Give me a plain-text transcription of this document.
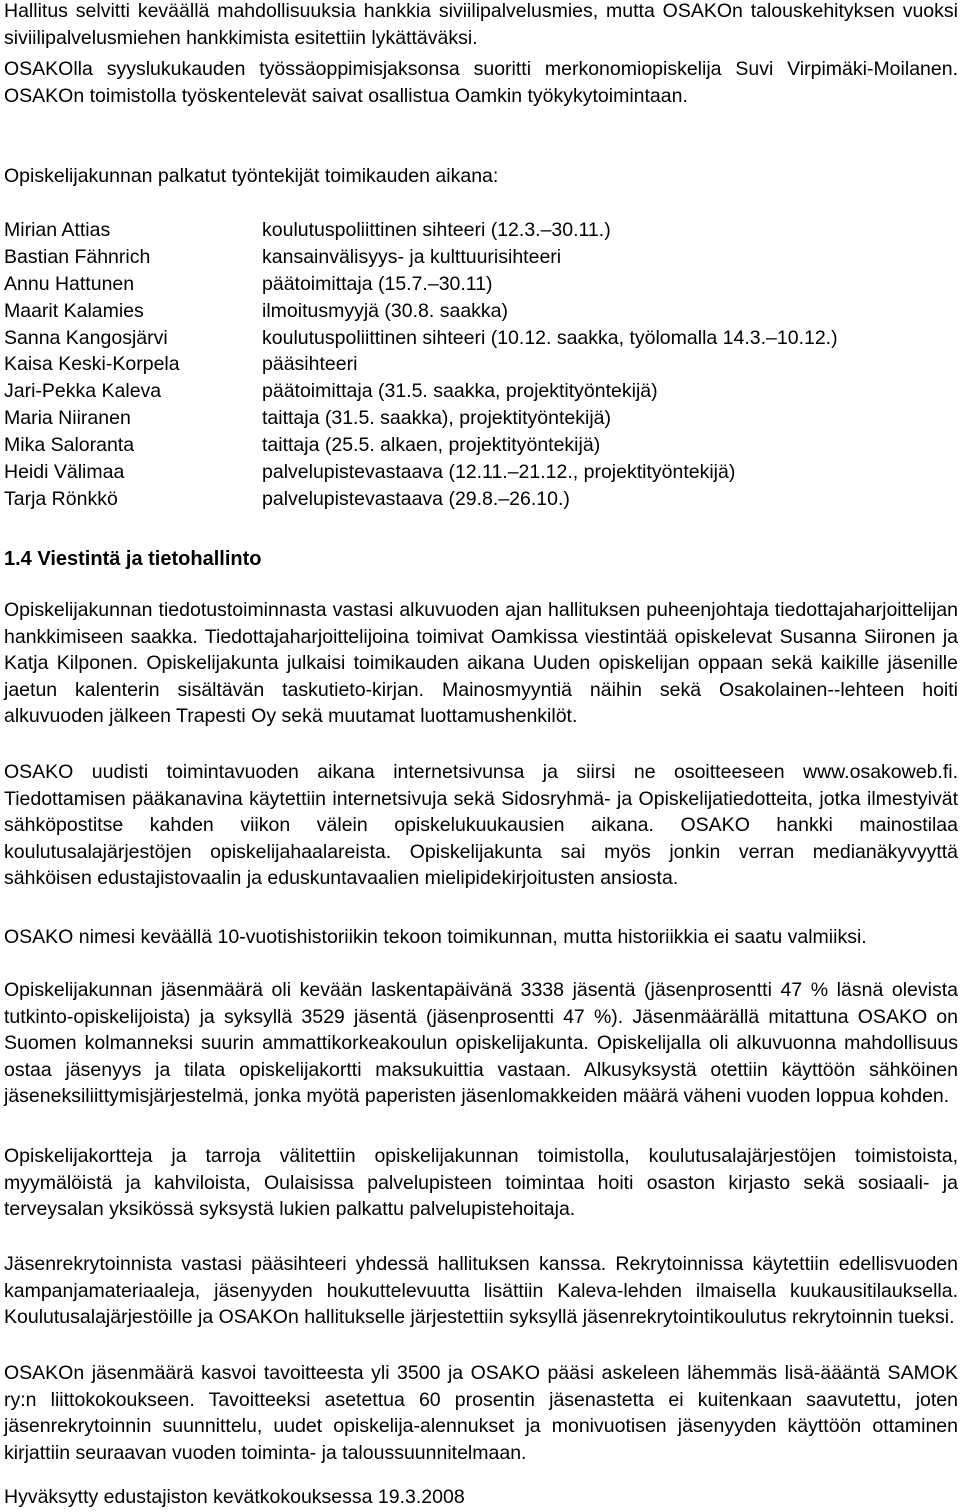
Hallitus selvitti keväällä mahdollisuuksia hankkia siviilipalvelusmies, mutta OSAKOn talouskehityksen vuoksi siviilipalvelusmiehen hankkimista esitettiin lykättäväksi.

OSAKOlla syyslukukauden työssäoppimisjaksonsa suoritti merkonomiopiskelija Suvi Virpimäki-Moilanen. OSAKOn toimistolla työskentelevät saivat osallistua Oamkin työkykytoimintaan.

Opiskelijakunnan palkatut työntekijät toimikauden aikana:

Mirian Attias	koulutuspoliittinen sihteeri (12.3.–30.11.)
Bastian Fähnrich	kansainvälisyys- ja kulttuurisihteeri
Annu Hattunen	päätoimittaja (15.7.–30.11)
Maarit Kalamies	ilmoitusmyyjä (30.8. saakka)
Sanna Kangosjärvi	koulutuspoliittinen sihteeri (10.12. saakka, työlomalla 14.3.–10.12.)
Kaisa Keski-Korpela	pääsihteeri
Jari-Pekka Kaleva	päätoimittaja (31.5. saakka, projektityöntekijä)
Maria Niiranen	taittaja (31.5. saakka), projektityöntekijä)
Mika Saloranta	taittaja (25.5. alkaen, projektityöntekijä)
Heidi Välimaa	palvelupistevastaava (12.11.–21.12., projektityöntekijä)
Tarja Rönkkö	palvelupistevastaava (29.8.–26.10.)
1.4 Viestintä ja tietohallinto

Opiskelijakunnan tiedotustoiminnasta vastasi alkuvuoden ajan hallituksen puheenjohtaja tiedottajaharjoittelijan hankkimiseen saakka. Tiedottajaharjoittelijoina toimivat Oamkissa viestintää opiskelevat Susanna Siironen ja Katja Kilponen. Opiskelijakunta julkaisi toimikauden aikana Uuden opiskelijan oppaan sekä kaikille jäsenille jaetun kalenterin sisältävän taskutieto-kirjan. Mainosmyyntiä näihin sekä Osakolainen--lehteen hoiti alkuvuoden jälkeen Trapesti Oy sekä muutamat luottamushenkilöt.

OSAKO uudisti toimintavuoden aikana internetsivunsa ja siirsi ne osoitteeseen www.osakoweb.fi. Tiedottamisen pääkanavina käytettiin internetsivuja sekä Sidosryhmä- ja Opiskelijatiedotteita, jotka ilmestyivät sähköpostitse kahden viikon välein opiskelukuukausien aikana. OSAKO hankki mainostilaa koulutusalajärjestöjen opiskelijahaalareista. Opiskelijakunta sai myös jonkin verran medianäkyvyyttä sähköisen edustajistovaalin ja eduskuntavaalien mielipidekirjoitusten ansiosta.

OSAKO nimesi keväällä 10-vuotishistoriikin tekoon toimikunnan, mutta historiikkia ei saatu valmiiksi.

Opiskelijakunnan jäsenmäärä oli kevään laskentapäivänä 3338 jäsentä (jäsenprosentti 47 % läsnä olevista tutkinto-opiskelijoista) ja syksyllä 3529 jäsentä (jäsenprosentti 47 %). Jäsenmäärällä mitattuna OSAKO on Suomen kolmanneksi suurin ammattikorkeakoulun opiskelijakunta. Opiskelijalla oli alkuvuonna mahdollisuus ostaa jäsenyys ja tilata opiskelijakortti maksukuittia vastaan. Alkusyksystä otettiin käyttöön sähköinen jäseneksiliittymisjärjestelmä, jonka myötä paperisten jäsenlomakkeiden määrä väheni vuoden loppua kohden.

Opiskelijakortteja ja tarroja välitettiin opiskelijakunnan toimistolla, koulutusalajärjestöjen toimistoista, myymälöistä ja kahviloista, Oulaisissa palvelupisteen toimintaa hoiti osaston kirjasto sekä sosiaali- ja terveysalan yksikössä syksystä lukien palkattu palvelupistehoitaja.

Jäsenrekrytoinnista vastasi pääsihteeri yhdessä hallituksen kanssa. Rekrytoinnissa käytettiin edellisvuoden kampanjamateriaaleja, jäsenyyden houkuttelevuutta lisättiin Kaleva-lehden ilmaisella kuukausitilauksella. Koulutusalajärjestöille ja OSAKOn hallitukselle järjestettiin syksyllä jäsenrekrytointikoulutus rekrytoinnin tueksi.

OSAKOn jäsenmäärä kasvoi tavoitteesta yli 3500 ja OSAKO pääsi askeleen lähemmäs lisä-äääntä SAMOK ry:n liittokokoukseen. Tavoitteeksi asetettua 60 prosentin jäsenastetta ei kuitenkaan saavutettu, joten jäsenrekrytoinnin suunnittelu, uudet opiskelija-alennukset ja monivuotisen jäsenyyden käyttöön ottaminen kirjattiin seuraavan vuoden toiminta- ja taloussuunnitelmaan.

Hyväksytty edustajiston kevätkokouksessa 19.3.2008
